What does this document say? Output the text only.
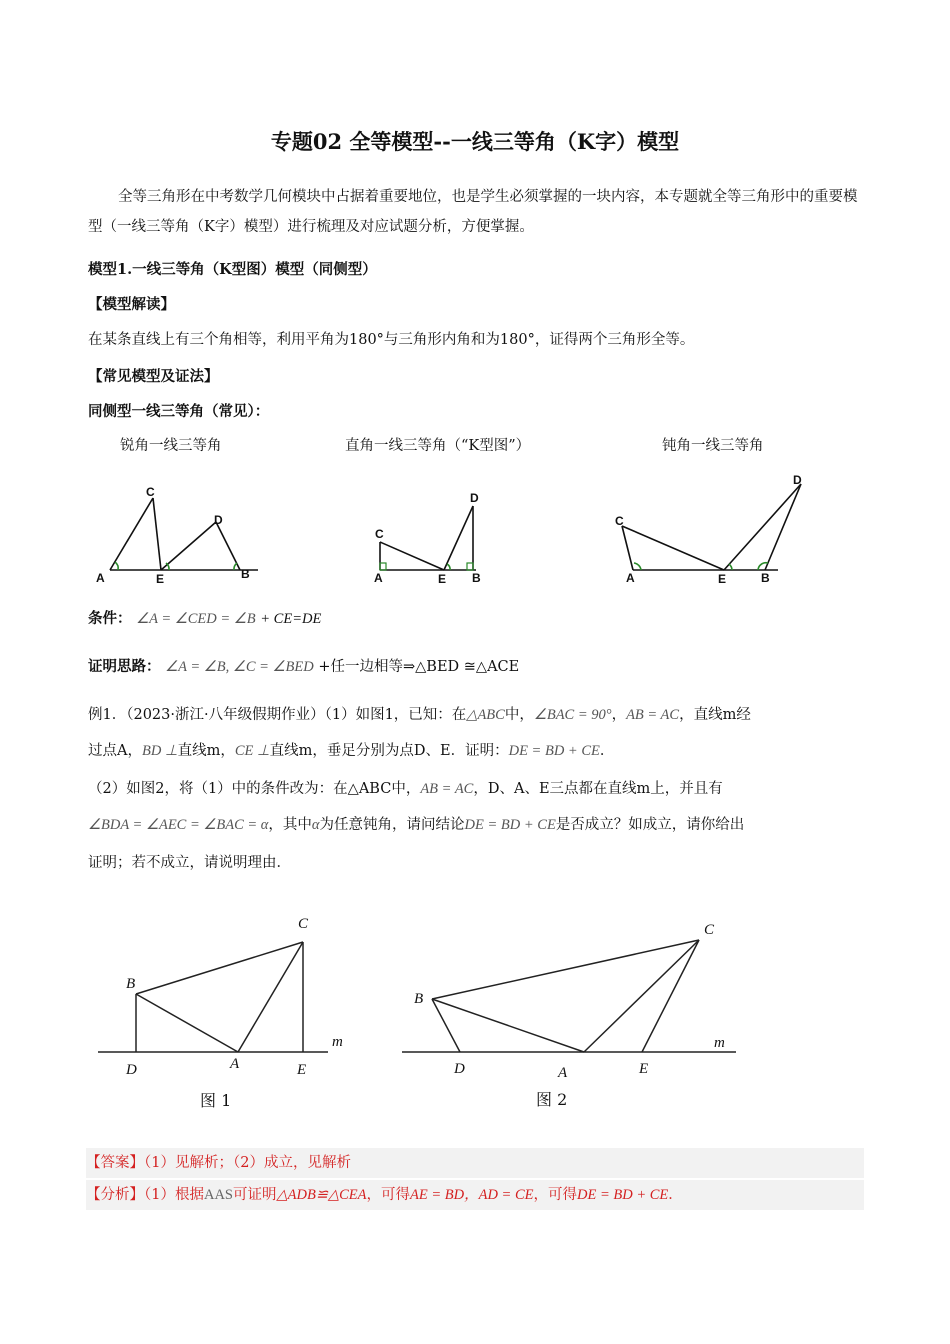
专题02 全等模型--一线三等角（K字）模型
全等三角形在中考数学几何模块中占据着重要地位，也是学生必须掌握的一块内容，本专题就全等三角形中的重要模型（一线三等角（K字）模型）进行梳理及对应试题分析，方便掌握。
模型1.一线三等角（K型图）模型（同侧型）
【模型解读】
在某条直线上有三个角相等，利用平角为180°与三角形内角和为180°，证得两个三角形全等。
【常见模型及证法】
同侧型一线三等角（常见）：
锐角一线三等角	直角一线三等角（“K型图”）	钝角一线三等角
A
C
E
D
B
C
A	E
D
B
C
A	E
D
B
条件： ∠A = ∠CED = ∠B + CE=DE
证明思路： ∠A = ∠B, ∠C = ∠BED +任一边相等⇒△BED ≅△ACE
例1．（2023·浙江·八年级假期作业）（1）如图1，已知：在△ABC中，∠BAC = 90°，AB = AC，直线m经
过点A，BD ⊥直线m，CE ⊥直线m，垂足分别为点D、E．证明：DE = BD + CE．
（2）如图2，将（1）中的条件改为：在△ABC中，AB = AC，D、A、E三点都在直线m上，并且有
∠BDA = ∠AEC = ∠BAC = α，其中α为任意钝角，请问结论DE = BD + CE是否成立？如成立，请你给出
证明；若不成立，请说明理由．
B
C
D	A	E
m
图 1
B
C
D	A	E
m
图 2
【答案】（1）见解析；（2）成立，见解析
【分析】（1）根据AAS可证明△ADB≌△CEA，可得AE = BD，AD = CE，可得DE = BD + CE．
